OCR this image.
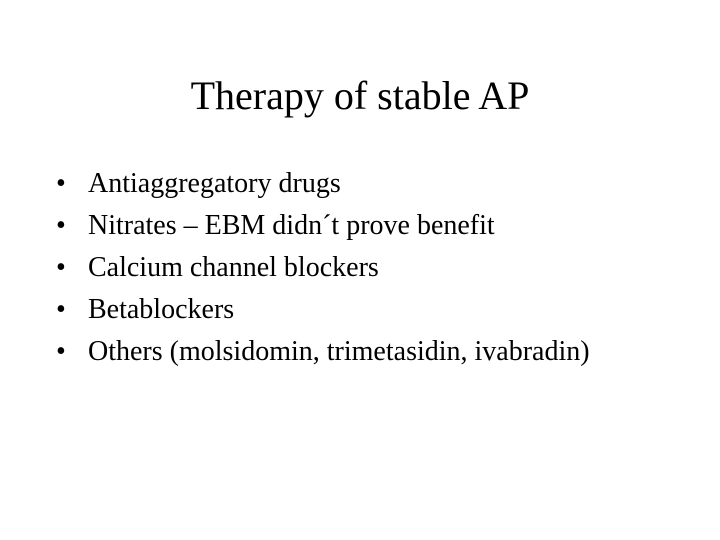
Therapy of stable AP
• Antiaggregatory drugs
• Nitrates – EBM didn´t prove benefit
• Calcium channel blockers
• Betablockers
• Others (molsidomin, trimetasidin, ivabradin)
